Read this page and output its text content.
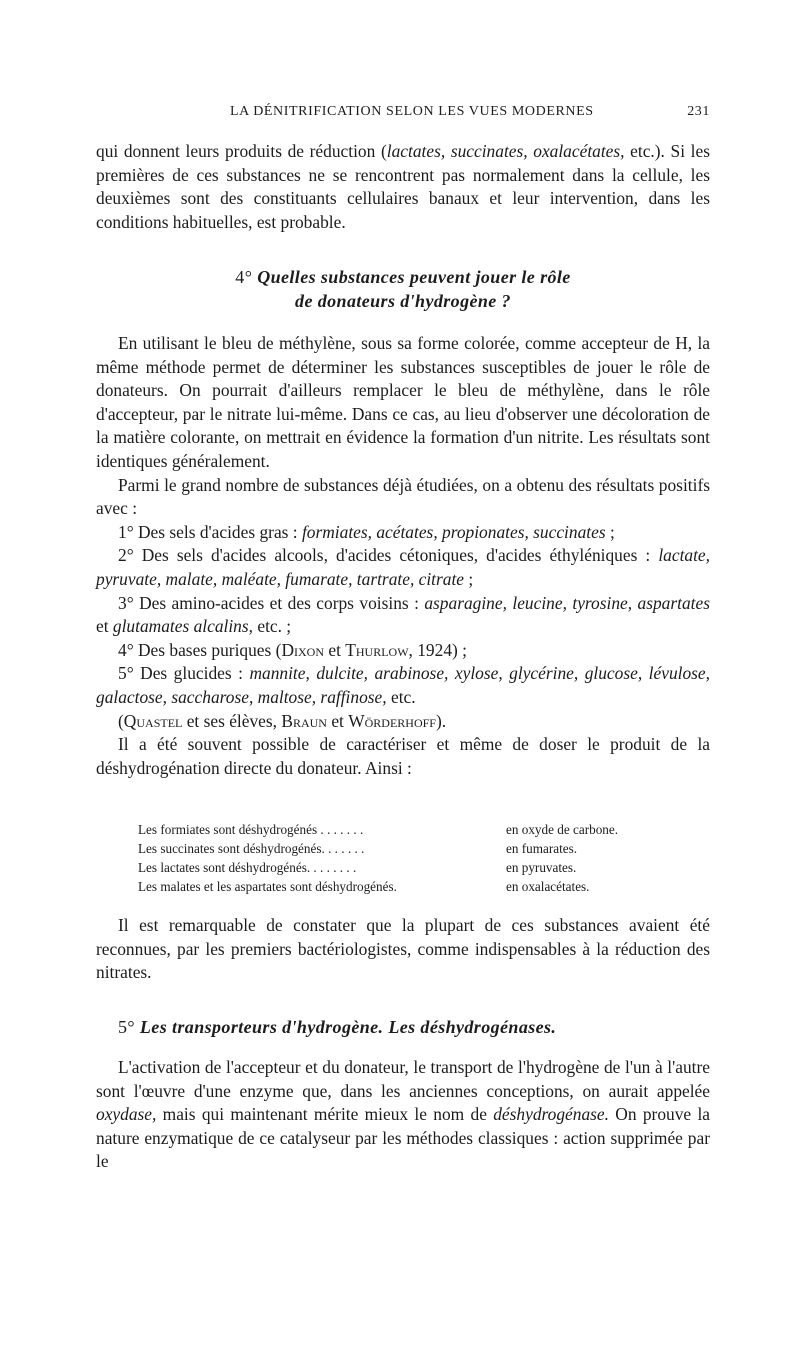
LA DÉNITRIFICATION SELON LES VUES MODERNES	231

qui donnent leurs produits de réduction (lactates, succinates, oxalacétates, etc.). Si les premières de ces substances ne se rencontrent pas normalement dans la cellule, les deuxièmes sont des constituants cellulaires banaux et leur intervention, dans les conditions habituelles, est probable.

4° Quelles substances peuvent jouer le rôle
de donateurs d'hydrogène ?

En utilisant le bleu de méthylène, sous sa forme colorée, comme accepteur de H, la même méthode permet de déterminer les substances susceptibles de jouer le rôle de donateurs. On pourrait d'ailleurs remplacer le bleu de méthylène, dans le rôle d'accepteur, par le nitrate lui-même. Dans ce cas, au lieu d'observer une décoloration de la matière colorante, on mettrait en évidence la formation d'un nitrite. Les résultats sont identiques généralement.

Parmi le grand nombre de substances déjà étudiées, on a obtenu des résultats positifs avec :

1° Des sels d'acides gras : formiates, acétates, propionates, succinates ;

2° Des sels d'acides alcools, d'acides cétoniques, d'acides éthyléniques : lactate, pyruvate, malate, maléate, fumarate, tartrate, citrate ;

3° Des amino-acides et des corps voisins : asparagine, leucine, tyrosine, aspartates et glutamates alcalins, etc. ;

4° Des bases puriques (Dixon et Thurlow, 1924) ;

5° Des glucides : mannite, dulcite, arabinose, xylose, glycérine, glucose, lévulose, galactose, saccharose, maltose, raffinose, etc.

(Quastel et ses élèves, Braun et Wörderhoff).

Il a été souvent possible de caractériser et même de doser le produit de la déshydrogénation directe du donateur. Ainsi :

Les formiates sont déshydrogénés . . . . . . .	en oxyde de carbone.
Les succinates sont déshydrogénés. . . . . . .	en fumarates.
Les lactates sont déshydrogénés. . . . . . . .	en pyruvates.
Les malates et les aspartates sont déshydrogénés.	en oxalacétates.

Il est remarquable de constater que la plupart de ces substances avaient été reconnues, par les premiers bactériologistes, comme indispensables à la réduction des nitrates.

5° Les transporteurs d'hydrogène. Les déshydrogénases.

L'activation de l'accepteur et du donateur, le transport de l'hydrogène de l'un à l'autre sont l'œuvre d'une enzyme que, dans les anciennes conceptions, on aurait appelée oxydase, mais qui maintenant mérite mieux le nom de déshydrogénase. On prouve la nature enzymatique de ce catalyseur par les méthodes classiques : action supprimée par le
